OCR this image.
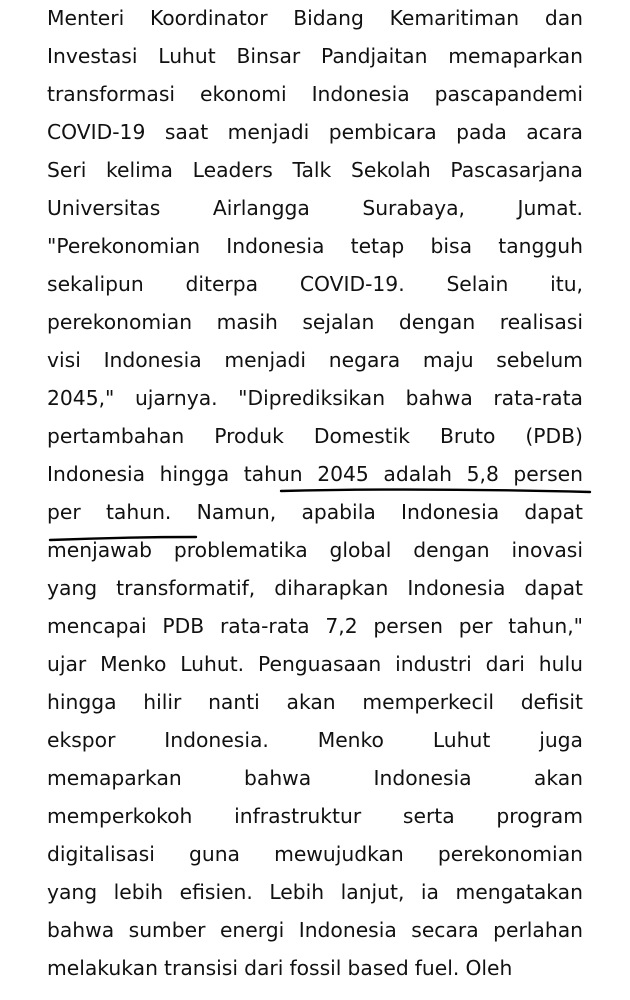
Menteri Koordinator Bidang Kemaritiman dan
Investasi Luhut Binsar Pandjaitan memaparkan
transformasi ekonomi Indonesia pascapandemi
COVID-19 saat menjadi pembicara pada acara
Seri kelima Leaders Talk Sekolah Pascasarjana
Universitas	Airlangga	Surabaya,	Jumat.
"Perekonomian Indonesia tetap bisa tangguh
sekalipun diterpa COVID-19. Selain itu,
perekonomian masih sejalan dengan realisasi
visi Indonesia menjadi negara maju sebelum
2045," ujarnya. "Diprediksikan bahwa rata-rata
pertambahan Produk Domestik Bruto (PDB)
Indonesia hingga tahun 2045 adalah 5,8 persen
per tahun. Namun, apabila Indonesia dapat
menjawab problematika global dengan inovasi
yang transformatif, diharapkan Indonesia dapat
mencapai PDB rata-rata 7,2 persen per tahun,"
ujar Menko Luhut. Penguasaan industri dari hulu
hingga hilir nanti akan memperkecil defisit
ekspor Indonesia. Menko Luhut juga
memaparkan	bahwa	Indonesia	akan
memperkokoh infrastruktur serta program
digitalisasi guna mewujudkan perekonomian
yang lebih efisien. Lebih lanjut, ia mengatakan
bahwa sumber energi Indonesia secara perlahan
melakukan transisi dari fossil based fuel. Oleh
